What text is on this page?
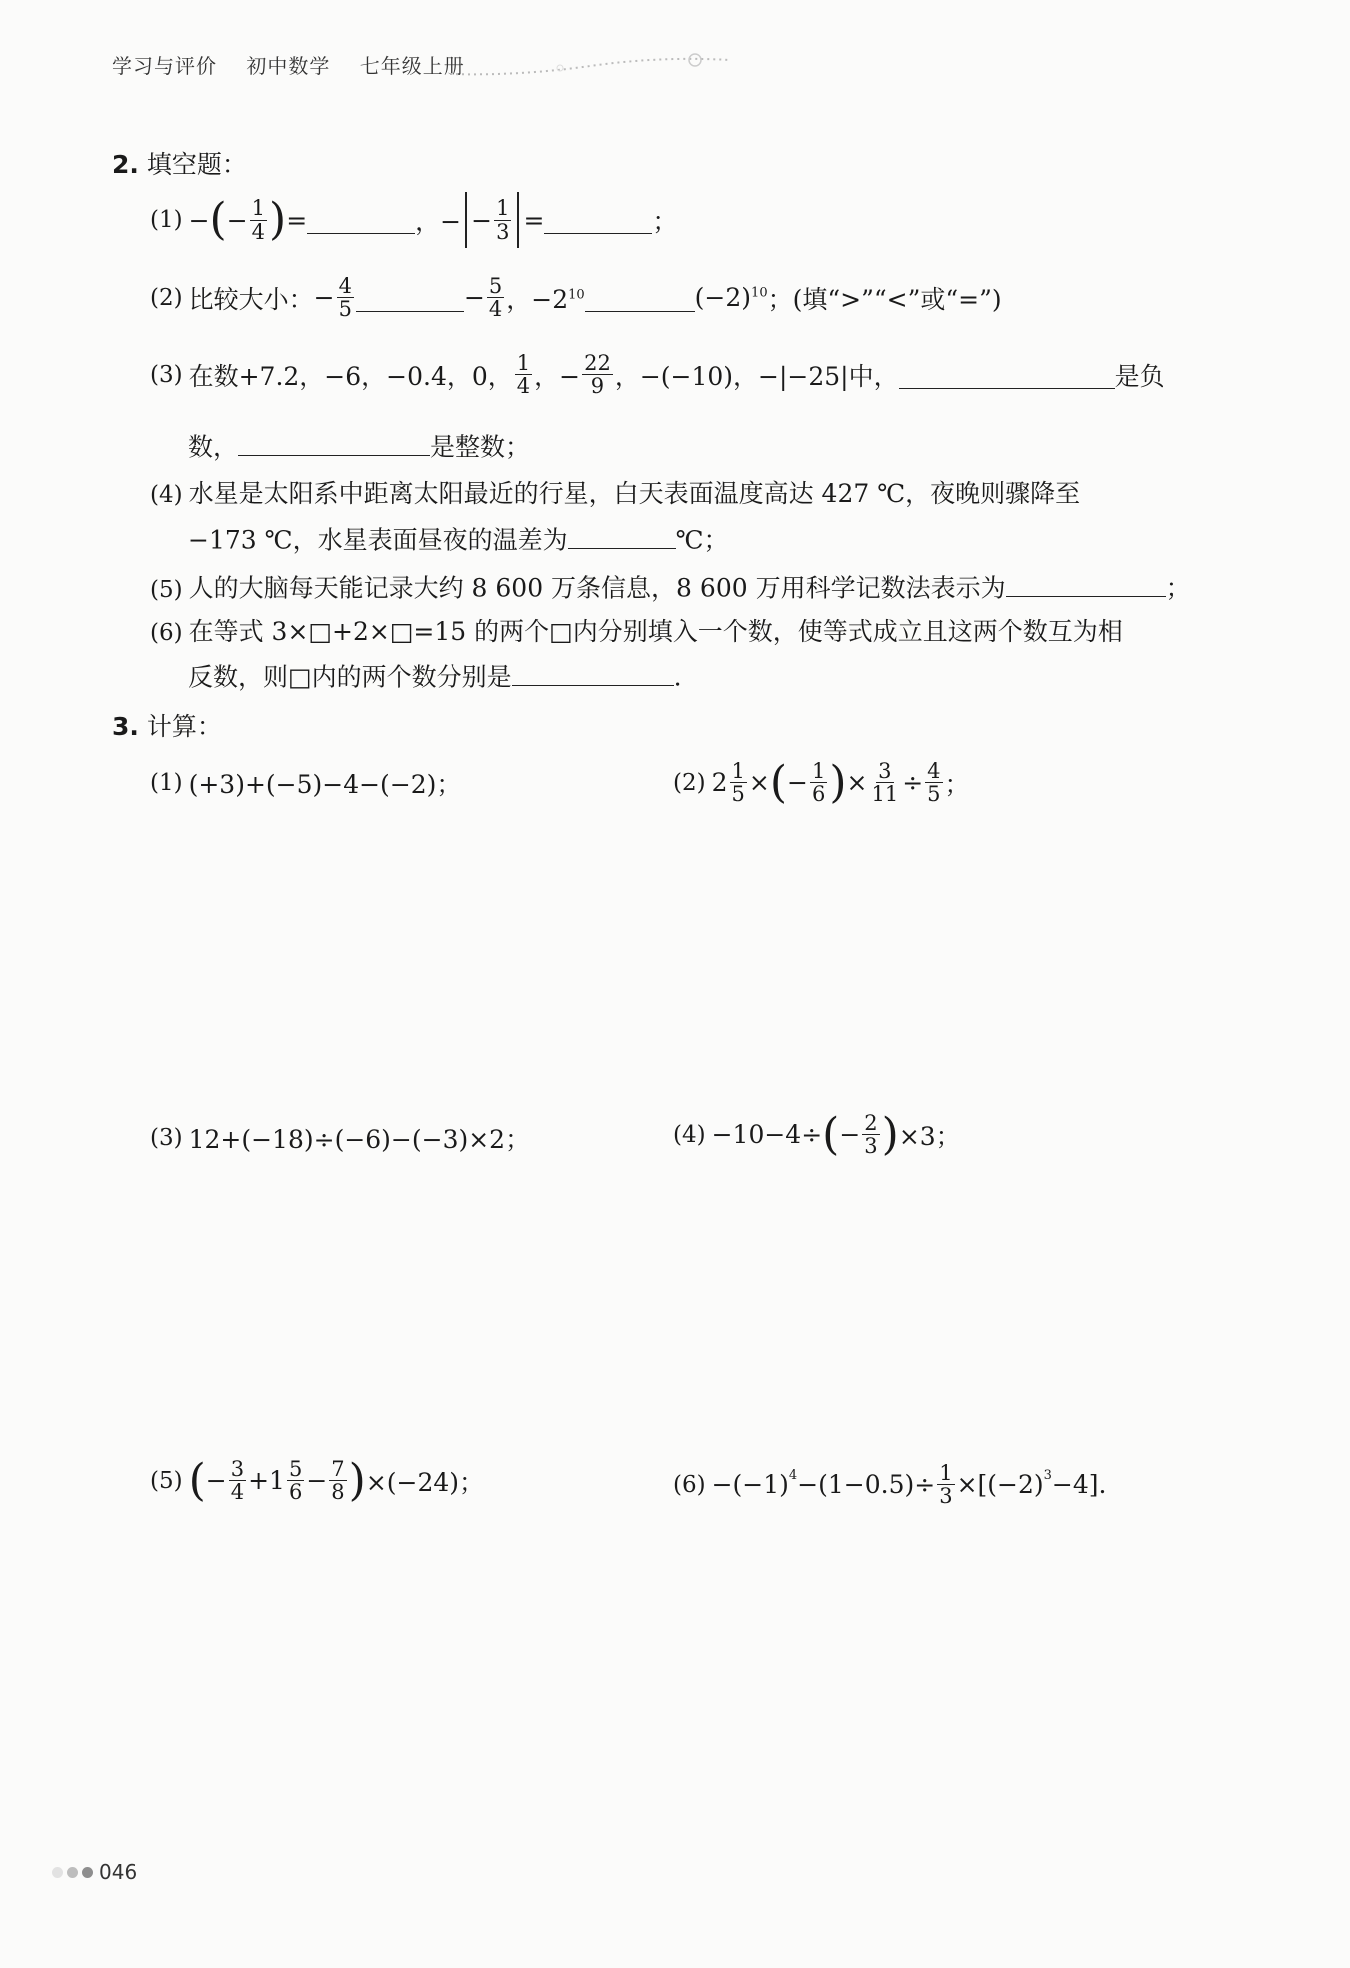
学习与评价 初中数学 七年级上册
2. 填空题：
(1) − ( − $\frac{1}{4}$ ) =	，− − $\frac{1}{3}$ =	；
(2) 比较大小： − $\frac{4}{5}$	− $\frac{5}{4}$ ，$-2^{10}$	$(-2)^{10}$ ；(填“>”“<”或“=”)
(3) 在数+7.2，−6，−0.4，0， $\frac{1}{4}$ ，− $\frac{22}{9}$ ，−(−10)，−|−25|中，	是负
数，	是整数；
(4) 水星是太阳系中距离太阳最近的行星，白天表面温度高达 427 ℃，夜晚则骤降至
−173 ℃，水星表面昼夜的温差为	℃；
(5) 人的大脑每天能记录大约 8 600 万条信息，8 600 万用科学记数法表示为	；
(6) 在等式 3×□+2×□=15 的两个□内分别填入一个数，使等式成立且这两个数互为相
反数，则□内的两个数分别是	.
3. 计算：
(1) (+3)+(−5)−4−(−2)；	(2) $2 \frac{1}{5}$ × ( − $\frac{1}{6}$ ) × $\frac{3}{11} \div \frac{4}{5}$ ；
(3) 12+(−18)÷(−6)−(−3)×2；	(4) −10−4÷ ( − $\frac{2}{3}$ ) ×3；
(5) ( − $\frac{3}{4} + 1 \frac{5}{6} - \frac{7}{8}$ ) ×(−24)；	$(6) -(-1)^4 -(1-0.5)\div \frac{1}{3} \times[(-2)^3 -4]$.
046
